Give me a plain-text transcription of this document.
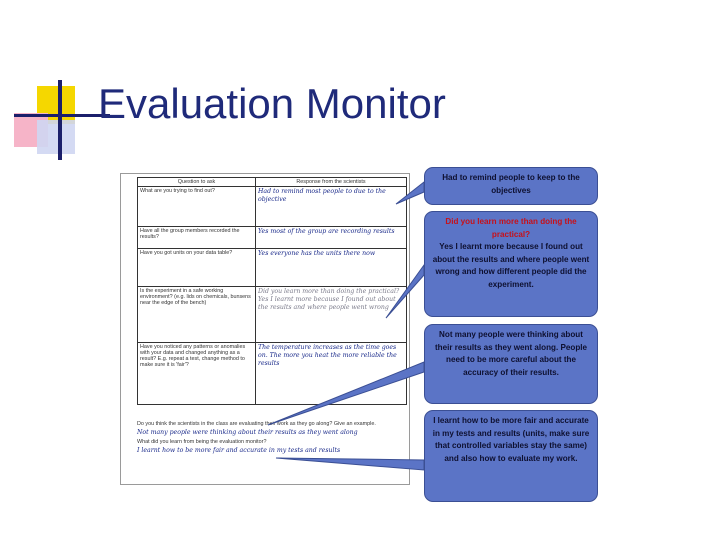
Evaluation Monitor
Question to ask	Response from the scientists
What are you trying to find out?	Had to remind most people to due to the objective
Have all the group members recorded the results?	Yes most of the group are recording results
Have you got units on your data table?	Yes everyone has the units there now
Is the experiment in a safe working environment? (e.g. lids on chemicals, bunsens near the edge of the bench)	Did you learn more than doing the practical? Yes I learnt more because I found out about the results and where people went wrong
Have you noticed any patterns or anomalies with your data and changed anything as a result? E.g. repeat a test, change method to make sure it is 'fair'?	The temperature increases as the time goes on. The more you heat the more reliable the results

Do you think the scientists in the class are evaluating their work as they go along? Give an example.

Not many people were thinking about their results as they went along

What did you learn from being the evaluation monitor?

I learnt how to be more fair and accurate in my tests and results

Had to remind people to keep to the objectives
Did you learn more than doing the practical?
Yes I learnt more because I found out about the results and where people went wrong and how different people did the experiment.
Not many people were thinking about their results as they went along. People need to be more careful about the accuracy of their results.
I learnt how to be more fair and accurate in my tests and results (units, make sure that controlled variables stay the same) and also how to evaluate my work.
